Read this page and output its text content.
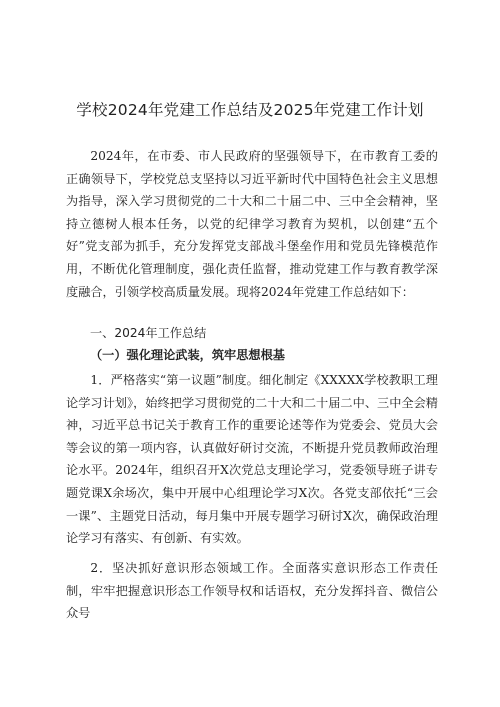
学校2024年党建工作总结及2025年党建工作计划

2024年，在市委、市人民政府的坚强领导下，在市教育工委的正确领导下，学校党总支坚持以习近平新时代中国特色社会主义思想为指导，深入学习贯彻党的二十大和二十届二中、三中全会精神，坚持立德树人根本任务，以党的纪律学习教育为契机，以创建“五个好”党支部为抓手，充分发挥党支部战斗堡垒作用和党员先锋模范作用，不断优化管理制度，强化责任监督，推动党建工作与教育教学深度融合，引领学校高质量发展。现将2024年党建工作总结如下：

一、2024年工作总结
（一）强化理论武装，筑牢思想根基

1．严格落实“第一议题”制度。细化制定《XXXXX学校教职工理论学习计划》，始终把学习贯彻党的二十大和二十届二中、三中全会精神，习近平总书记关于教育工作的重要论述等作为党委会、党员大会等会议的第一项内容，认真做好研讨交流，不断提升党员教师政治理论水平。2024年，组织召开X次党总支理论学习，党委领导班子讲专题党课X余场次，集中开展中心组理论学习X次。各党支部依托“三会一课”、主题党日活动，每月集中开展专题学习研讨X次，确保政治理论学习有落实、有创新、有实效。

2．坚决抓好意识形态领域工作。全面落实意识形态工作责任制，牢牢把握意识形态工作领导权和话语权，充分发挥抖音、微信公众号
